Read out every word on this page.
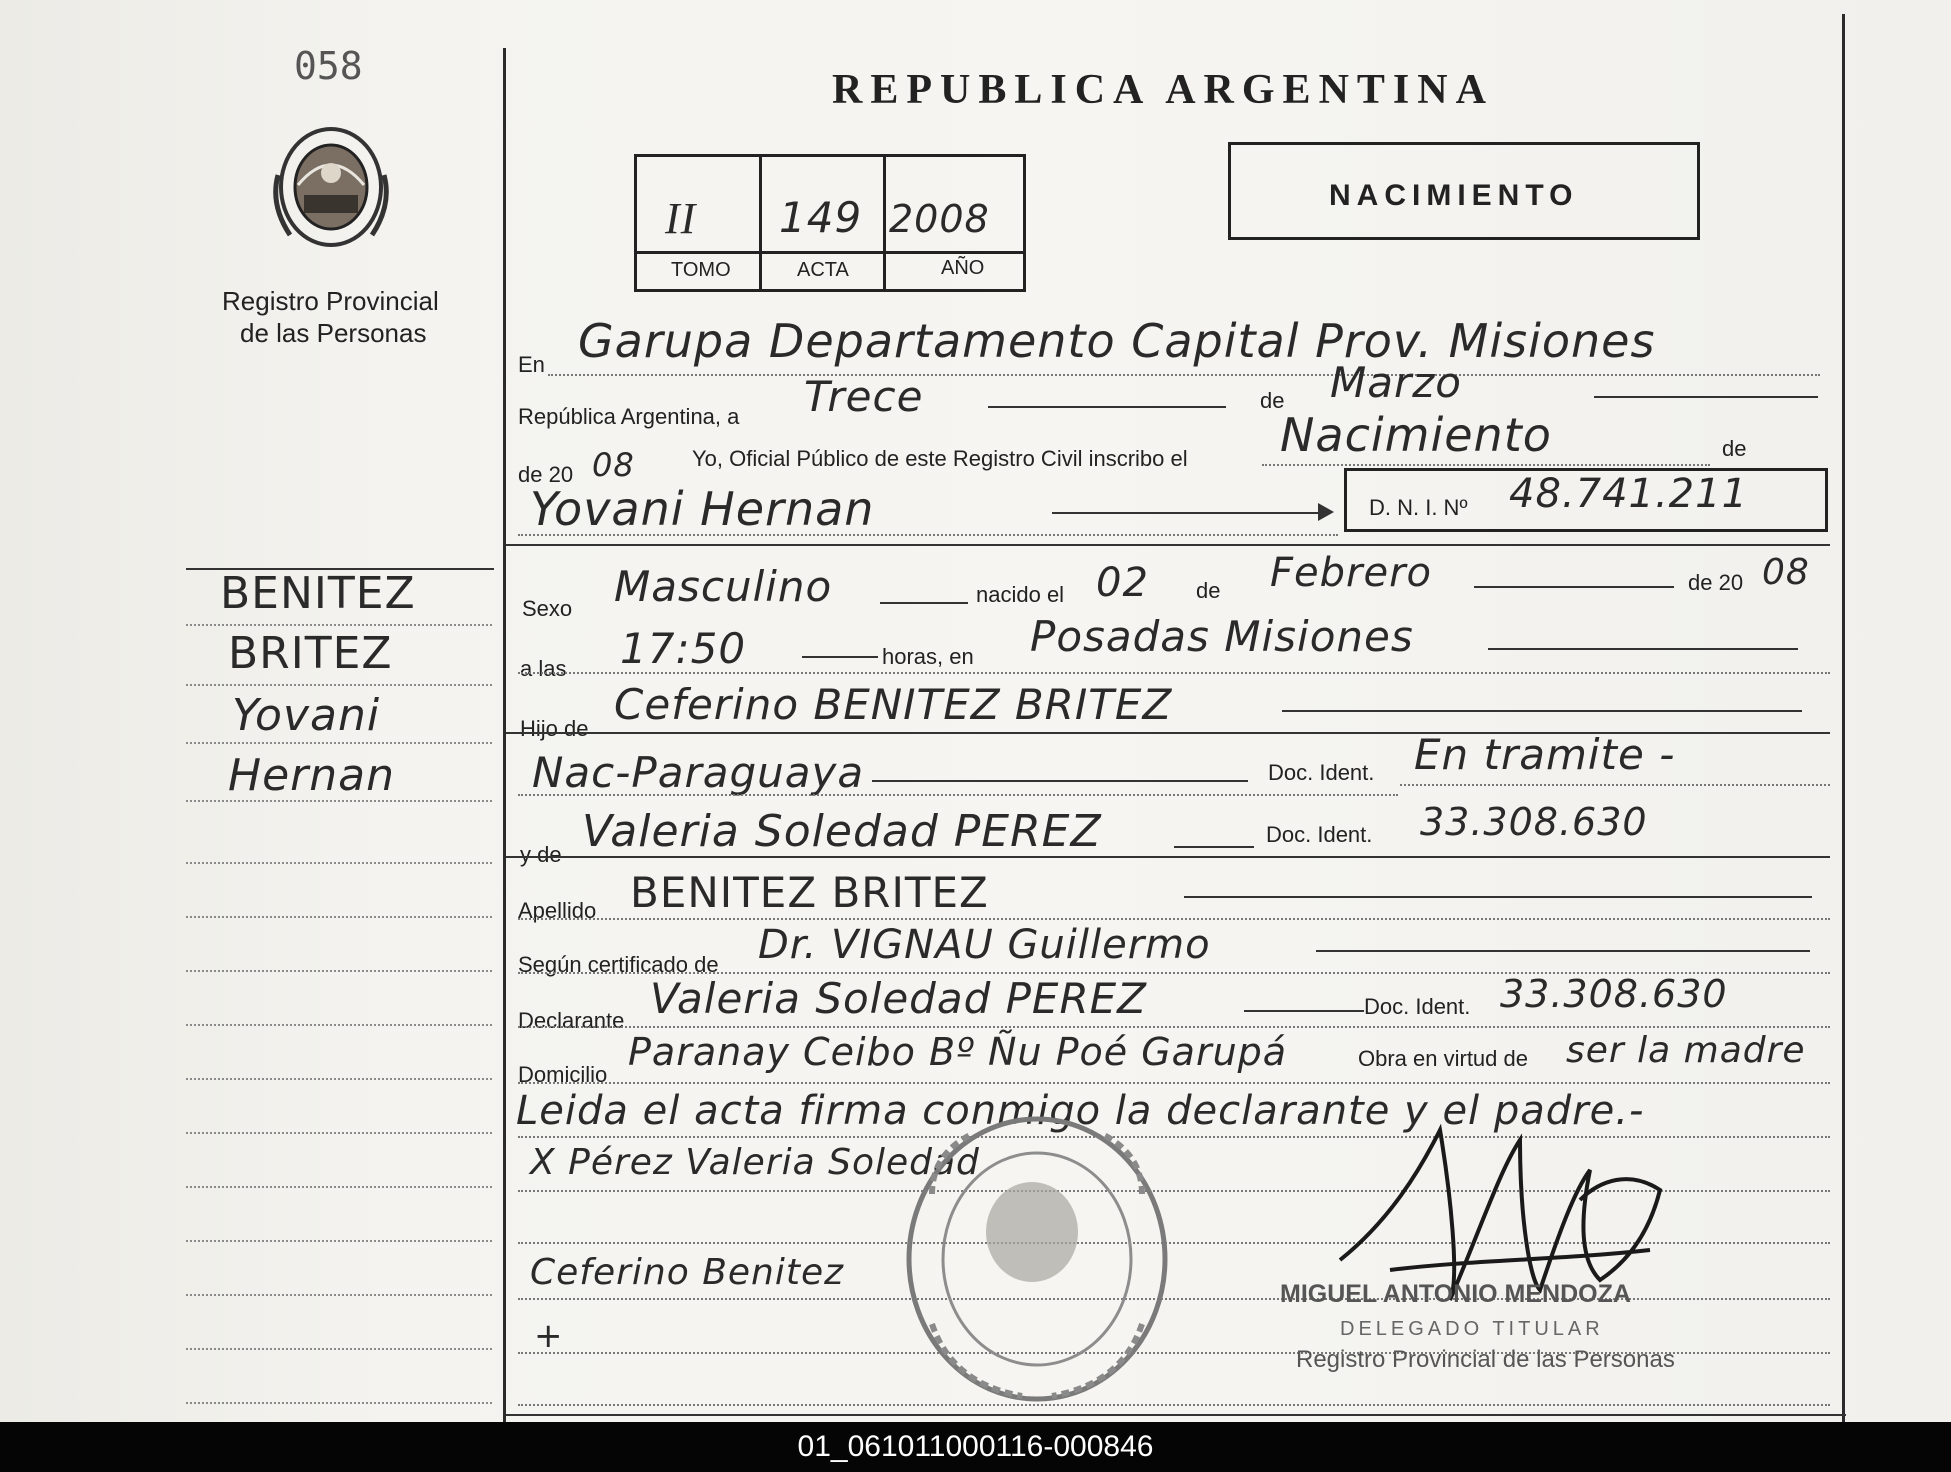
058
Registro Provincial
de las Personas
BENITEZ
BRITEZ
Yovani
Hernan
REPUBLICA ARGENTINA
II 149 2008
TOMO	ACTA	AÑO
NACIMIENTO
En Garupa Departamento Capital Prov. Misiones
República Argentina, a Trece	de Marzo
de 20 08	Yo, Oficial Público de este Registro Civil inscribo el Nacimiento	de
Yovani Hernan	D. N. I. Nº 48.741.211
Sexo Masculino	nacido el 02 de Febrero	de 20 08
a las 17:50	horas, en Posadas Misiones
Hijo de Ceferino BENITEZ BRITEZ
Nac-Paraguaya	Doc. Ident. En tramite -
y de Valeria Soledad PEREZ	Doc. Ident. 33.308.630
Apellido BENITEZ BRITEZ
Según certificado de Dr. VIGNAU Guillermo
Declarante Valeria Soledad PEREZ	Doc. Ident. 33.308.630
Domicilio
Paranay Ceibo Bº Ñu Poé Garupá	Obra en virtud de ser la madre
Leida el acta firma conmigo la declarante y el padre.-
X Pérez Valeria Soledad
Ceferino Benitez
+
MIGUEL ANTONIO MENDOZA
DELEGADO TITULAR
Registro Provincial de las Personas
01_061011000116-000846
